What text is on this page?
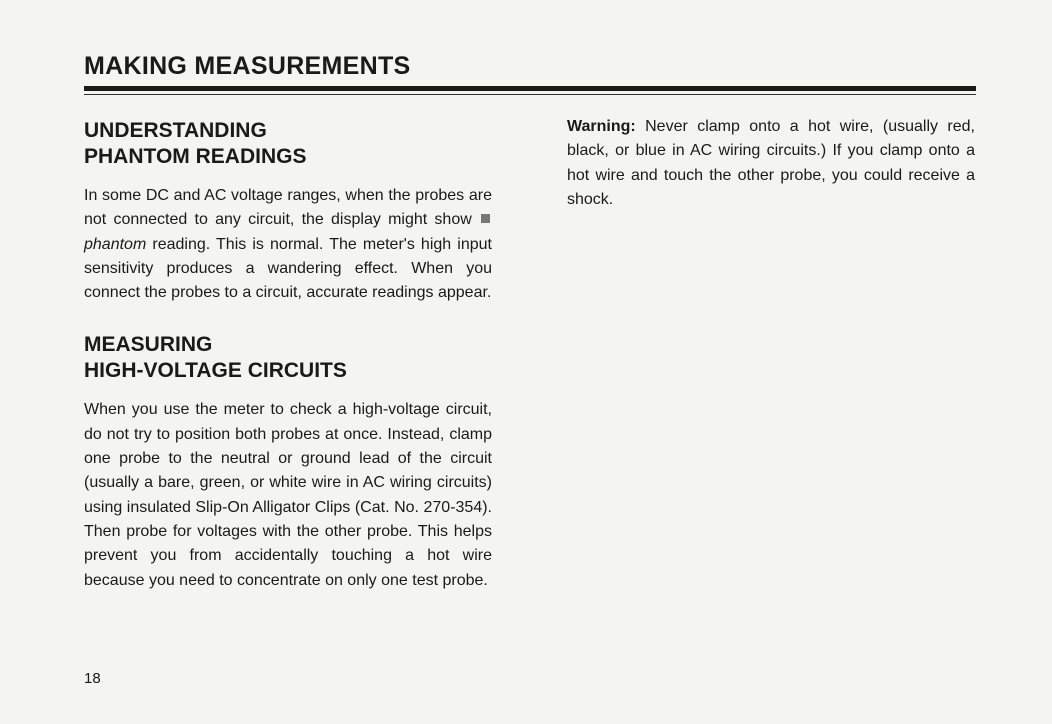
MAKING MEASUREMENTS
UNDERSTANDING
PHANTOM READINGS

In some DC and AC voltage ranges, when the probes are not connected to any circuit, the display might show  phantom reading. This is normal. The meter's high input sensitivity produces a wandering effect. When you connect the probes to a circuit, accurate readings appear.

MEASURING
HIGH-VOLTAGE CIRCUITS

When you use the meter to check a high-voltage circuit, do not try to position both probes at once. Instead, clamp one probe to the neutral or ground lead of the circuit (usually a bare, green, or white wire in AC wiring circuits) using insulated Slip-On Alligator Clips (Cat. No. 270-354). Then probe for voltages with the other probe. This helps prevent you from accidentally touching a hot wire because you need to concentrate on only one test probe.

Warning: Never clamp onto a hot wire, (usually red, black, or blue in AC wiring circuits.) If you clamp onto a hot wire and touch the other probe, you could receive a shock.

18
